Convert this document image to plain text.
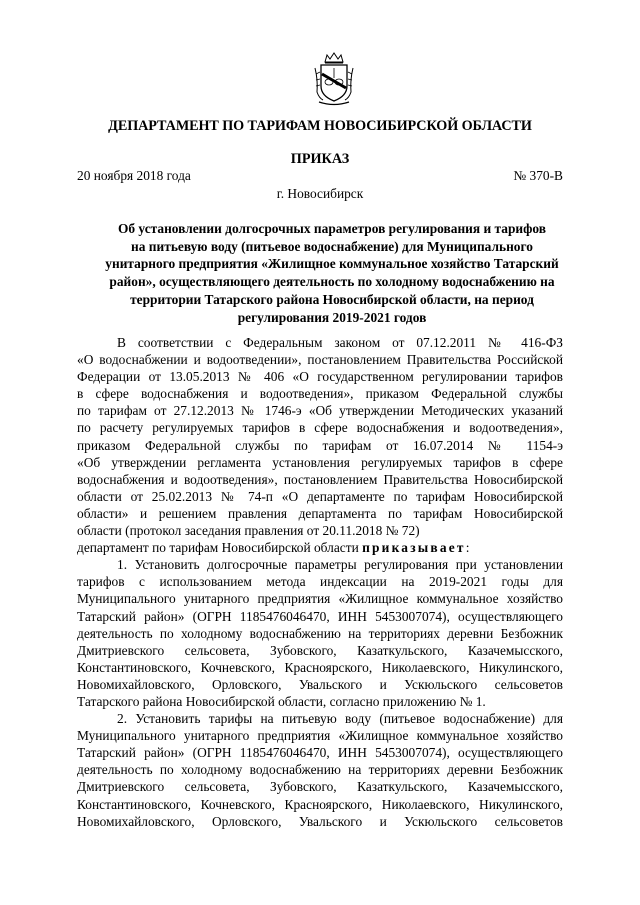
ДЕПАРТАМЕНТ ПО ТАРИФАМ НОВОСИБИРСКОЙ ОБЛАСТИ
ПРИКАЗ
20 ноября 2018 года	№ 370-В
г. Новосибирск
Об установлении долгосрочных параметров регулирования и тарифов
на питьевую воду (питьевое водоснабжение) для Муниципального
унитарного предприятия «Жилищное коммунальное хозяйство Татарский
район», осуществляющего деятельность по холодному водоснабжению на
территории Татарского района Новосибирской области, на период
регулирования 2019-2021 годов
В соответствии с Федеральным законом от 07.12.2011 № 416-ФЗ
«О водоснабжении и водоотведении», постановлением Правительства Российской
Федерации от 13.05.2013 № 406 «О государственном регулировании тарифов
в сфере водоснабжения и водоотведения», приказом Федеральной службы
по тарифам от 27.12.2013 № 1746-э «Об утверждении Методических указаний
по расчету регулируемых тарифов в сфере водоснабжения и водоотведения»,
приказом Федеральной службы по тарифам от 16.07.2014 № 1154-э
«Об утверждении регламента установления регулируемых тарифов в сфере
водоснабжения и водоотведения», постановлением Правительства Новосибирской
области от 25.02.2013 № 74-п «О департаменте по тарифам Новосибирской
области» и решением правления департамента по тарифам Новосибирской
области (протокол заседания правления от 20.11.2018 № 72)
департамент по тарифам Новосибирской области приказывает:
1. Установить долгосрочные параметры регулирования при установлении
тарифов с использованием метода индексации на 2019-2021 годы для
Муниципального унитарного предприятия «Жилищное коммунальное хозяйство
Татарский район» (ОГРН 1185476046470, ИНН 5453007074), осуществляющего
деятельность по холодному водоснабжению на территориях деревни Безбожник
Дмитриевского сельсовета, Зубовского, Казаткульского, Казачемысского,
Константиновского, Кочневского, Красноярского, Николаевского, Никулинского,
Новомихайловского, Орловского, Увальского и Ускюльского сельсоветов
Татарского района Новосибирской области, согласно приложению № 1.
2. Установить тарифы на питьевую воду (питьевое водоснабжение) для
Муниципального унитарного предприятия «Жилищное коммунальное хозяйство
Татарский район» (ОГРН 1185476046470, ИНН 5453007074), осуществляющего
деятельность по холодному водоснабжению на территориях деревни Безбожник
Дмитриевского сельсовета, Зубовского, Казаткульского, Казачемысского,
Константиновского, Кочневского, Красноярского, Николаевского, Никулинского,
Новомихайловского, Орловского, Увальского и Ускюльского сельсоветов
